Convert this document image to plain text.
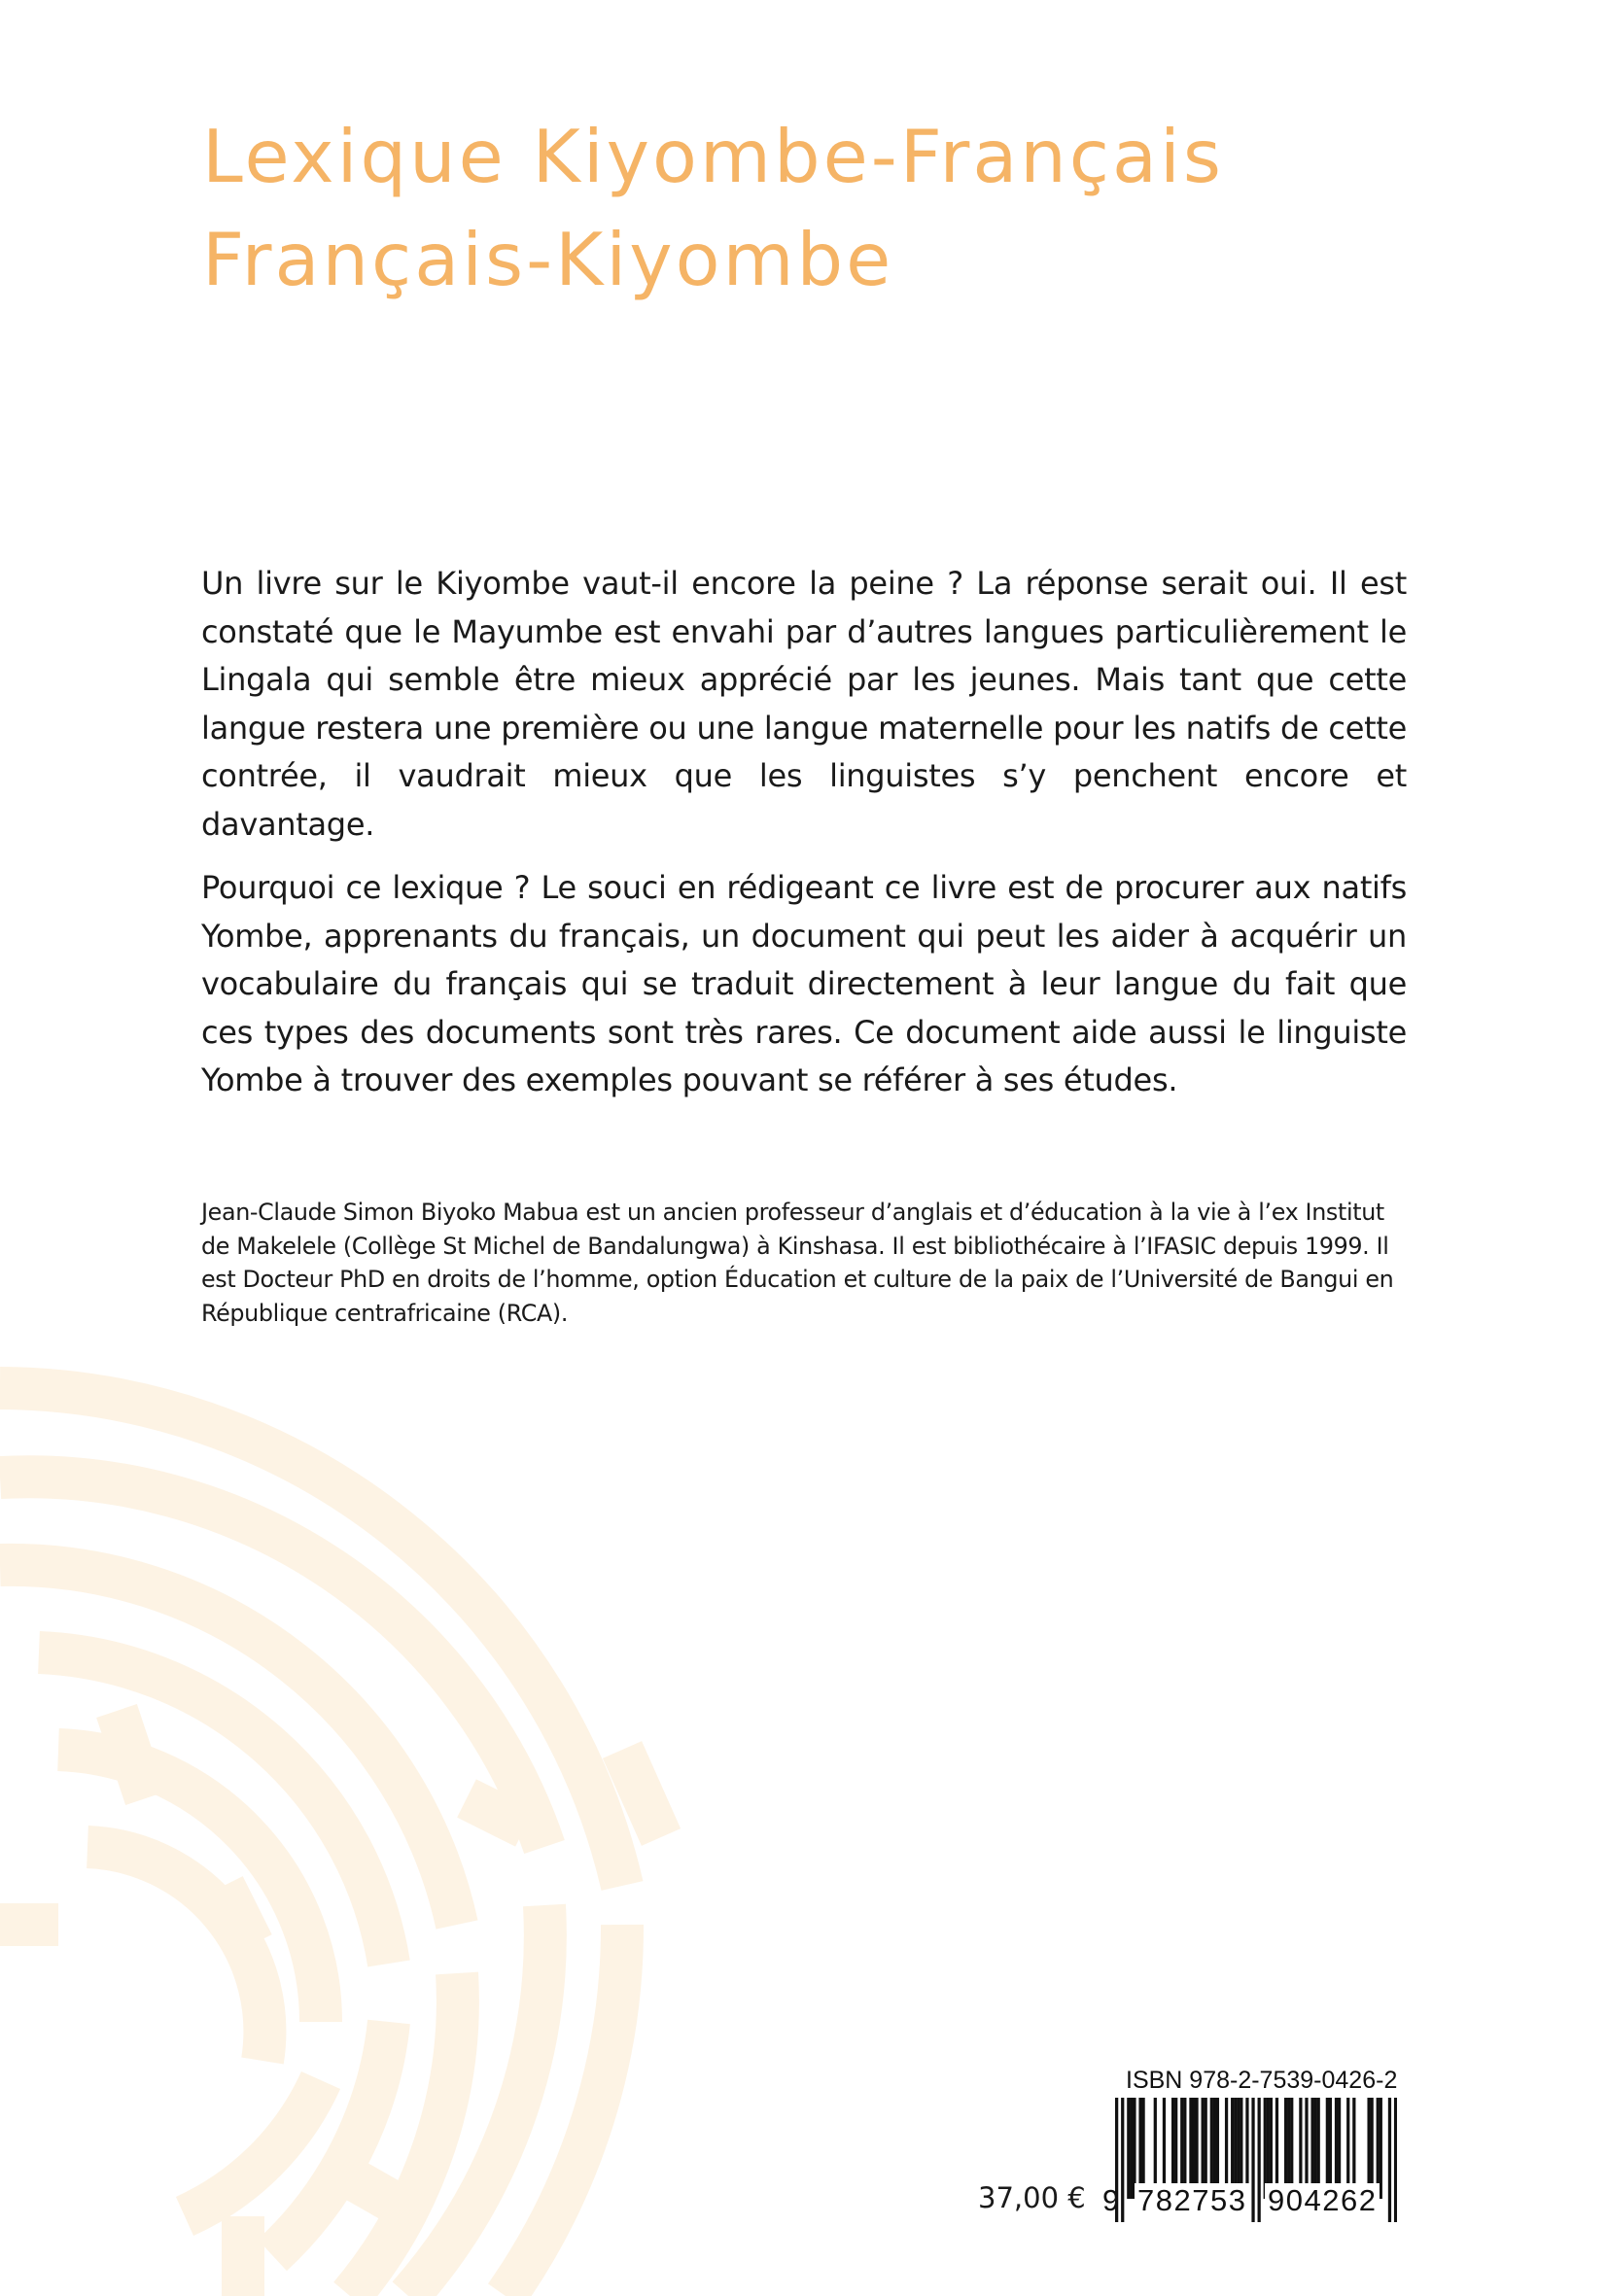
Lexique Kiyombe-Français
Français-Kiyombe

Un livre sur le Kiyombe vaut-il encore la peine ? La réponse serait oui. Il est constaté que le Mayumbe est envahi par d’autres langues particulièrement le Lingala qui semble être mieux apprécié par les jeunes. Mais tant que cette langue restera une première ou une langue maternelle pour les natifs de cette contrée, il vaudrait mieux que les linguistes s’y penchent encore et davantage.

Pourquoi ce lexique ? Le souci en rédigeant ce livre est de procurer aux natifs Yombe, apprenants du français, un document qui peut les aider à acquérir un vocabulaire du français qui se traduit directement à leur langue du fait que ces types des documents sont très rares. Ce document aide aussi le linguiste Yombe à trouver des exemples pouvant se référer à ses études.

Jean-Claude Simon Biyoko Mabua est un ancien professeur d’anglais et d’éducation à la vie à l’ex Institut de Makelele (Collège St Michel de Bandalungwa) à Kinshasa. Il est bibliothécaire à l’IFASIC depuis 1999. Il est Docteur PhD en droits de l’homme, option Éducation et culture de la paix de l’Université de Bangui en République centrafricaine (RCA).

ISBN 978-2-7539-0426-2

9 782753 904262

37,00 €
